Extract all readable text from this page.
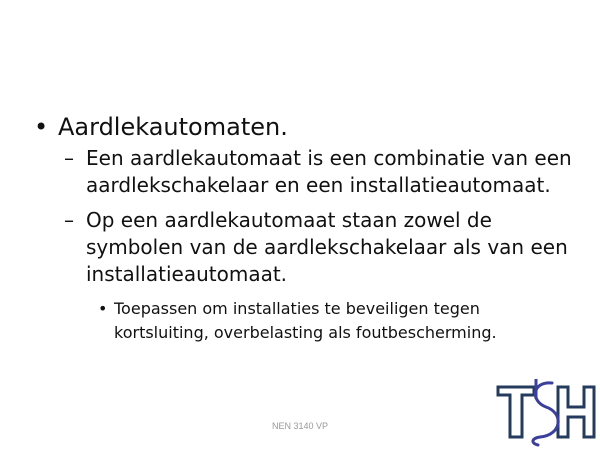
• Aardlekautomaten.

– Een aardlekautomaat is een combinatie van een aardlekschakelaar en een installatieautomaat.

– Op een aardlekautomaat staan zowel de symbolen van de aardlekschakelaar als van een installatieautomaat.

• Toepassen om installaties te beveiligen tegen kortsluiting, overbelasting als foutbescherming.

NEN 3140 VP
